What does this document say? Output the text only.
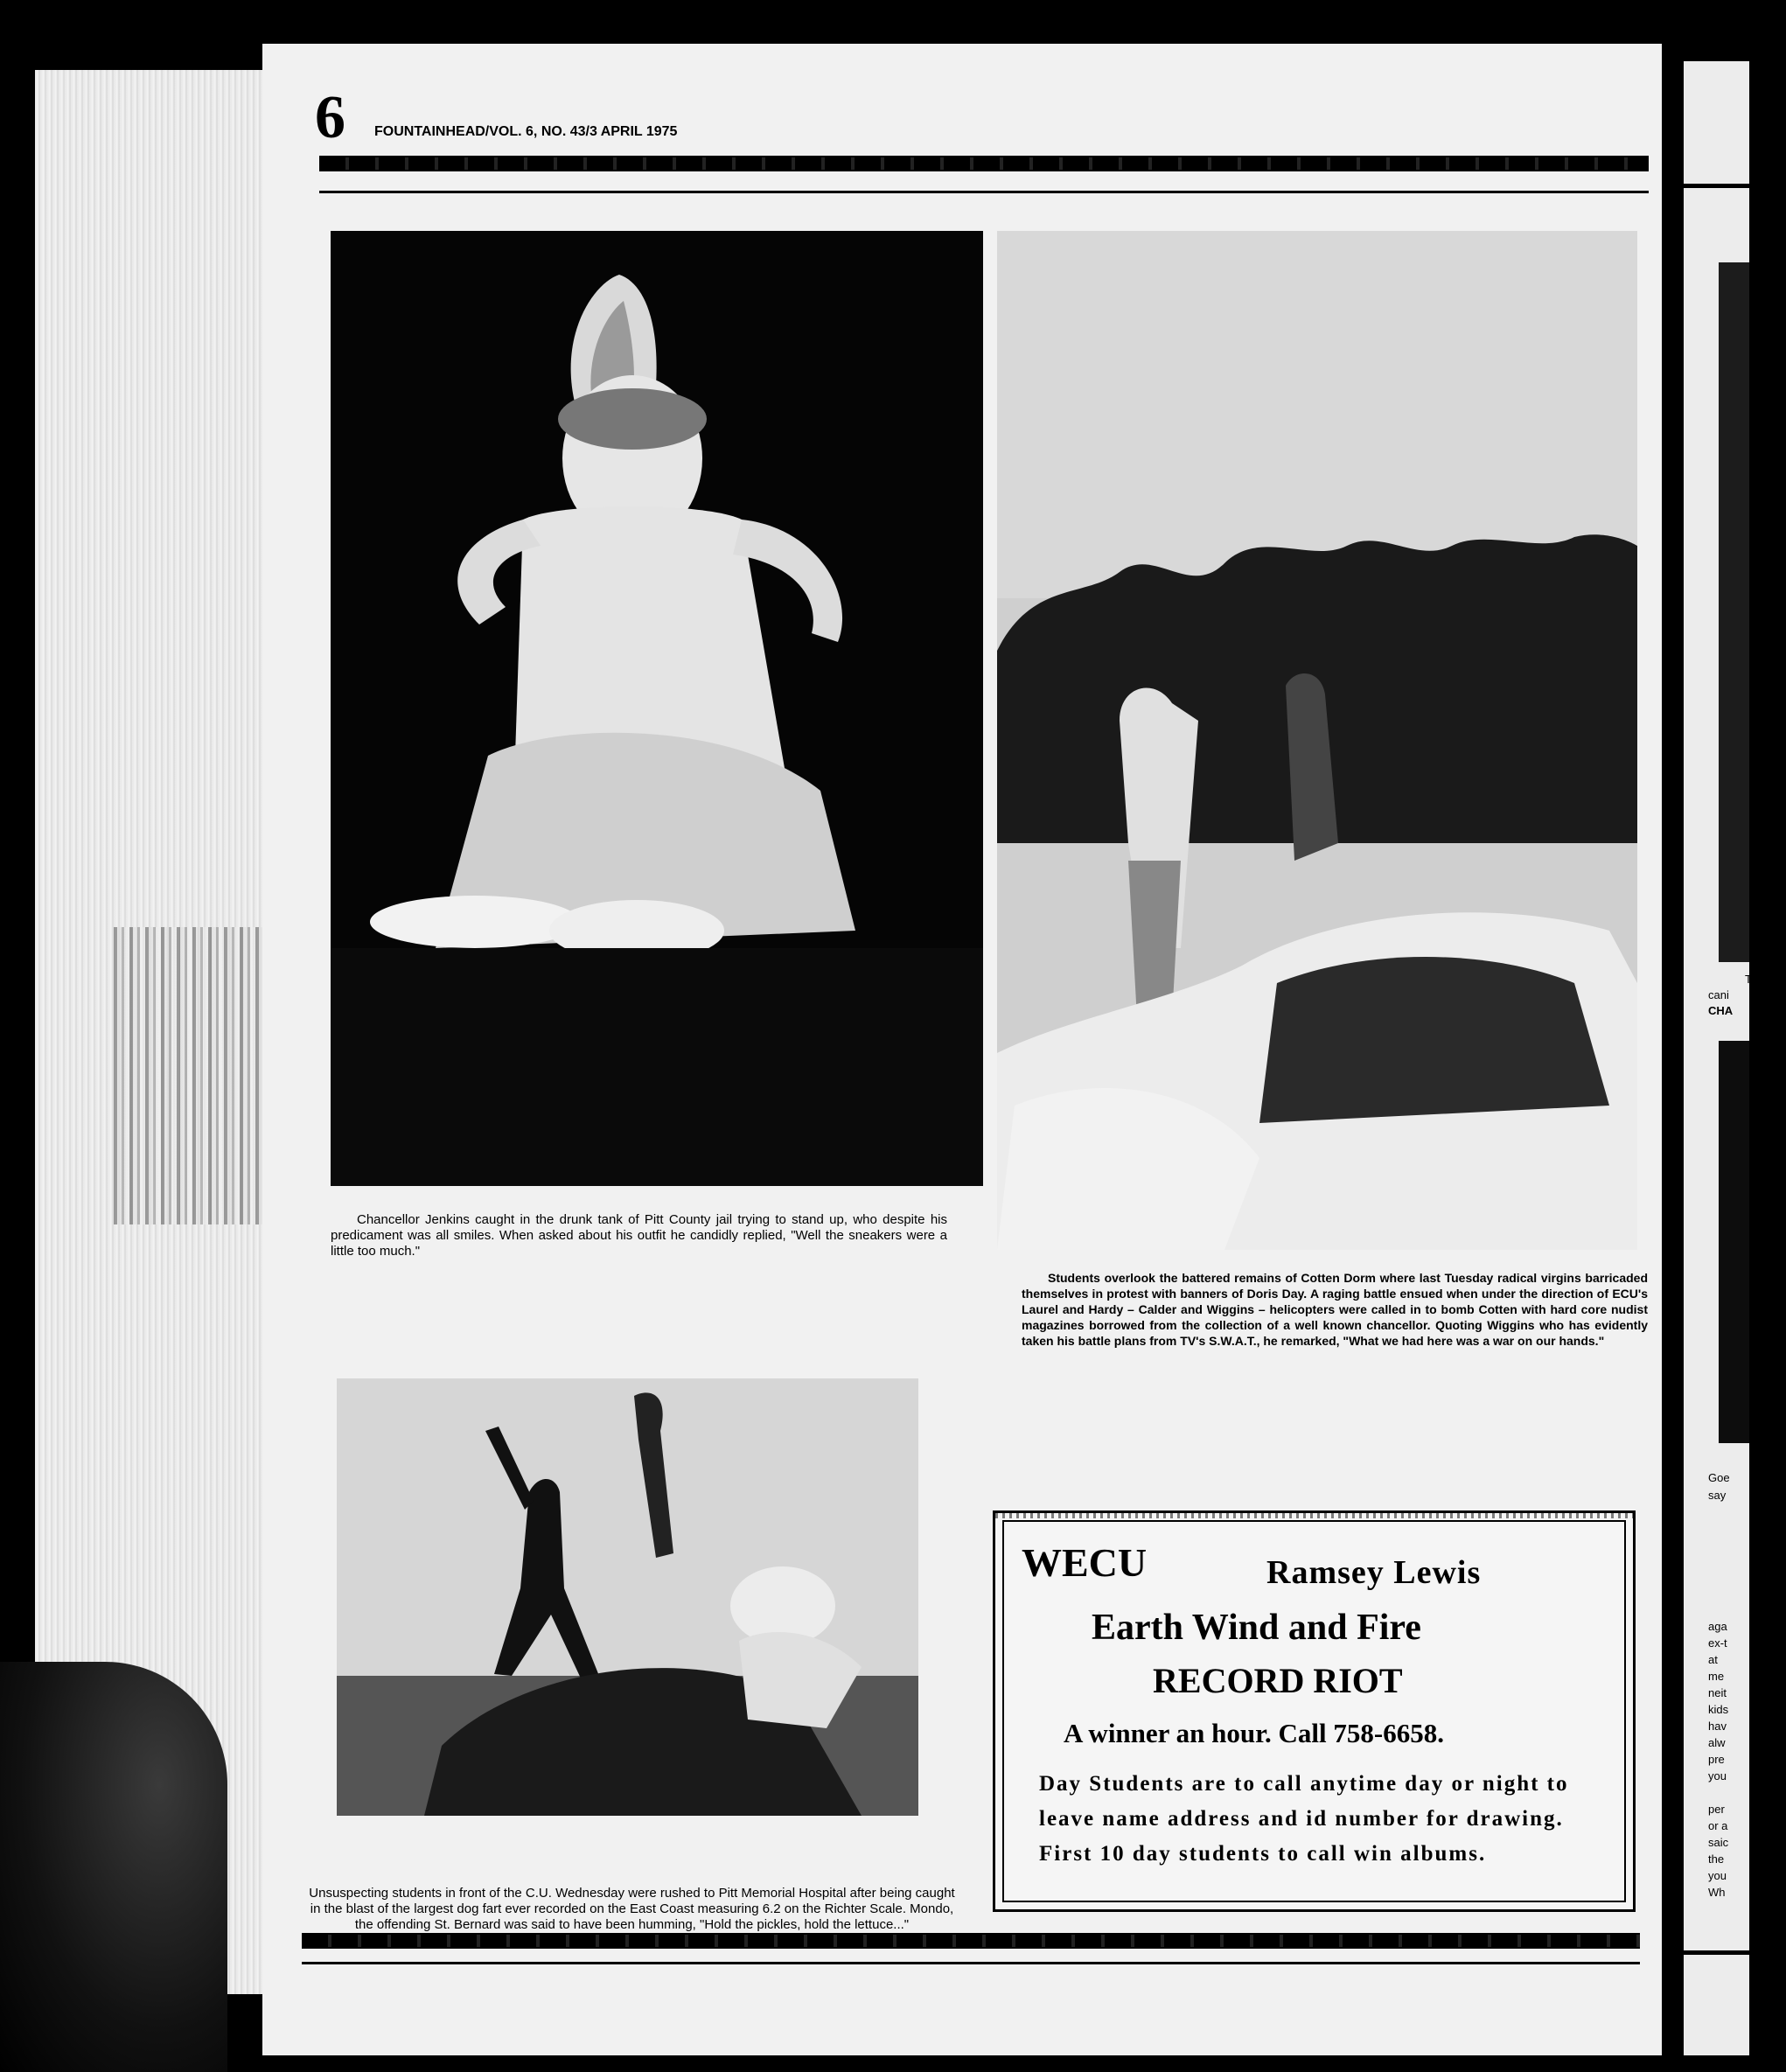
6 FOUNTAINHEAD/VOL. 6, NO. 43/3 APRIL 1975
Chancellor Jenkins caught in the drunk tank of Pitt County jail trying to stand up, who despite his predicament was all smiles. When asked about his outfit he candidly replied, "Well the sneakers were a little too much."
Students overlook the battered remains of Cotten Dorm where last Tuesday radical virgins barricaded themselves in protest with banners of Doris Day. A raging battle ensued when under the direction of ECU's Laurel and Hardy – Calder and Wiggins – helicopters were called in to bomb Cotten with hard core nudist magazines borrowed from the collection of a well known chancellor. Quoting Wiggins who has evidently taken his battle plans from TV's S.W.A.T., he remarked, "What we had here was a war on our hands."
Unsuspecting students in front of the C.U. Wednesday were rushed to Pitt Memorial Hospital after being caught in the blast of the largest dog fart ever recorded on the East Coast measuring 6.2 on the Richter Scale. Mondo, the offending St. Bernard was said to have been humming, "Hold the pickles, hold the lettuce..."
WECU	Ramsey Lewis
Earth Wind and Fire
RECORD RIOT
A winner an hour. Call 758-6658.
Day Students are to call anytime day or night to leave name address and id number for drawing. First 10 day students to call win albums.
T
cani
CHA
Goe
say
aga
ex-t
at
me
neit
kids
hav
alw
pre
you

per
or a
saic
the
you
Wh
